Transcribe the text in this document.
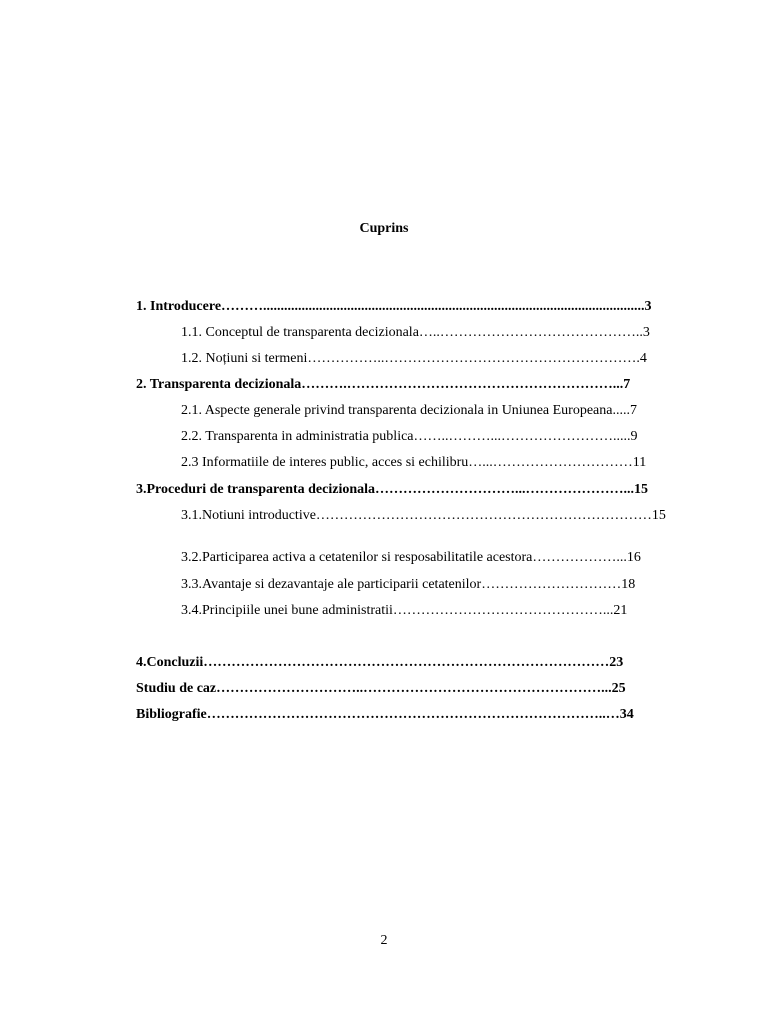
Cuprins
1. Introducere……….............................................................................................................3
1.1. Conceptul de transparenta decizionala…..……………………………………..3
1.2. Noțiuni si termeni……………..……………………………………………….4
2. Transparenta decizionala……….…………………………………………………...7
2.1. Aspecte generale privind transparenta decizionala in Uniunea Europeana.....7
2.2. Transparenta in administratia publica……..………...…………………….....9
2.3 Informatiile de interes public, acces si echilibru…...…………………………11
3.Proceduri de transparenta decizionala…………………………...…………………...15
3.1.Notiuni introductive………………………………………………………………15
3.2.Participarea activa a cetatenilor si resposabilitatile acestora………………...16
3.3.Avantaje si dezavantaje ale participarii cetatenilor…………………………18
3.4.Principiile unei bune administratii………………………………………...21
4.Concluzii……………………………………………………………………………23
Studiu de caz…………………………..……………………………………………...25
Bibliografie…………………………………………………………………………..…34
2
